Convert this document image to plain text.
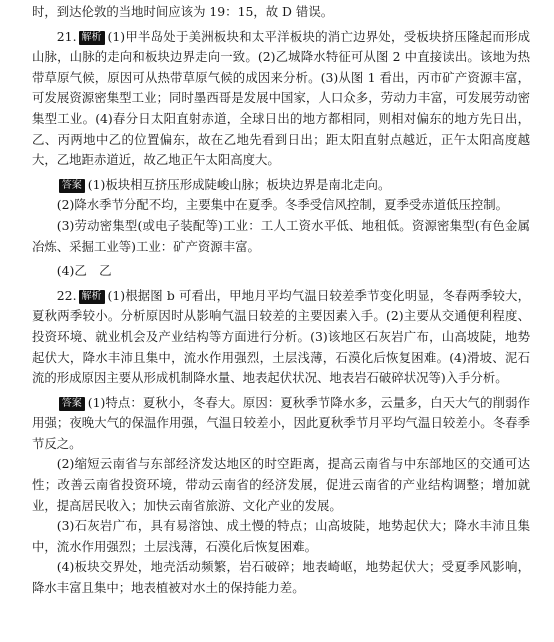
时，到达伦敦的当地时间应该为 19：15，故 D 错误。

21. 解析 (1)甲半岛处于美洲板块和太平洋板块的消亡边界处，受板块挤压隆起而形成山脉，山脉的走向和板块边界走向一致。(2)乙城降水特征可从图 2 中直接读出。该地为热带草原气候，原因可从热带草原气候的成因来分析。(3)从图 1 看出，丙市矿产资源丰富，可发展资源密集型工业；同时墨西哥是发展中国家，人口众多，劳动力丰富，可发展劳动密集型工业。(4)春分日太阳直射赤道，全球日出的地方都相同，则相对偏东的地方先日出，乙、丙两地中乙的位置偏东，故在乙地先看到日出；距太阳直射点越近，正午太阳高度越大，乙地距赤道近，故乙地正午太阳高度大。

答案 (1)板块相互挤压形成陡峻山脉；板块边界是南北走向。

(2)降水季节分配不均，主要集中在夏季。冬季受信风控制，夏季受赤道低压控制。

(3)劳动密集型(或电子装配等)工业：工人工资水平低、地租低。资源密集型(有色金属冶炼、采掘工业等)工业：矿产资源丰富。

(4)乙　乙

22. 解析 (1)根据图 b 可看出，甲地月平均气温日较差季节变化明显，冬春两季较大，夏秋两季较小。分析原因时从影响气温日较差的主要因素入手。(2)主要从交通便利程度、投资环境、就业机会及产业结构等方面进行分析。(3)该地区石灰岩广布，山高坡陡，地势起伏大，降水丰沛且集中，流水作用强烈，土层浅薄，石漠化后恢复困难。(4)滑坡、泥石流的形成原因主要从形成机制降水量、地表起伏状况、地表岩石破碎状况等)入手分析。

答案 (1)特点：夏秋小，冬春大。原因：夏秋季节降水多，云量多，白天大气的削弱作用强；夜晚大气的保温作用强，气温日较差小，因此夏秋季节月平均气温日较差小。冬春季节反之。

(2)缩短云南省与东部经济发达地区的时空距离，提高云南省与中东部地区的交通可达性；改善云南省投资环境，带动云南省的经济发展，促进云南省的产业结构调整；增加就业，提高居民收入；加快云南省旅游、文化产业的发展。

(3)石灰岩广布，具有易溶蚀、成土慢的特点；山高坡陡，地势起伏大；降水丰沛且集中，流水作用强烈；土层浅薄，石漠化后恢复困难。

(4)板块交界处，地壳活动频繁，岩石破碎；地表崎岖，地势起伏大；受夏季风影响，降水丰富且集中；地表植被对水土的保持能力差。
